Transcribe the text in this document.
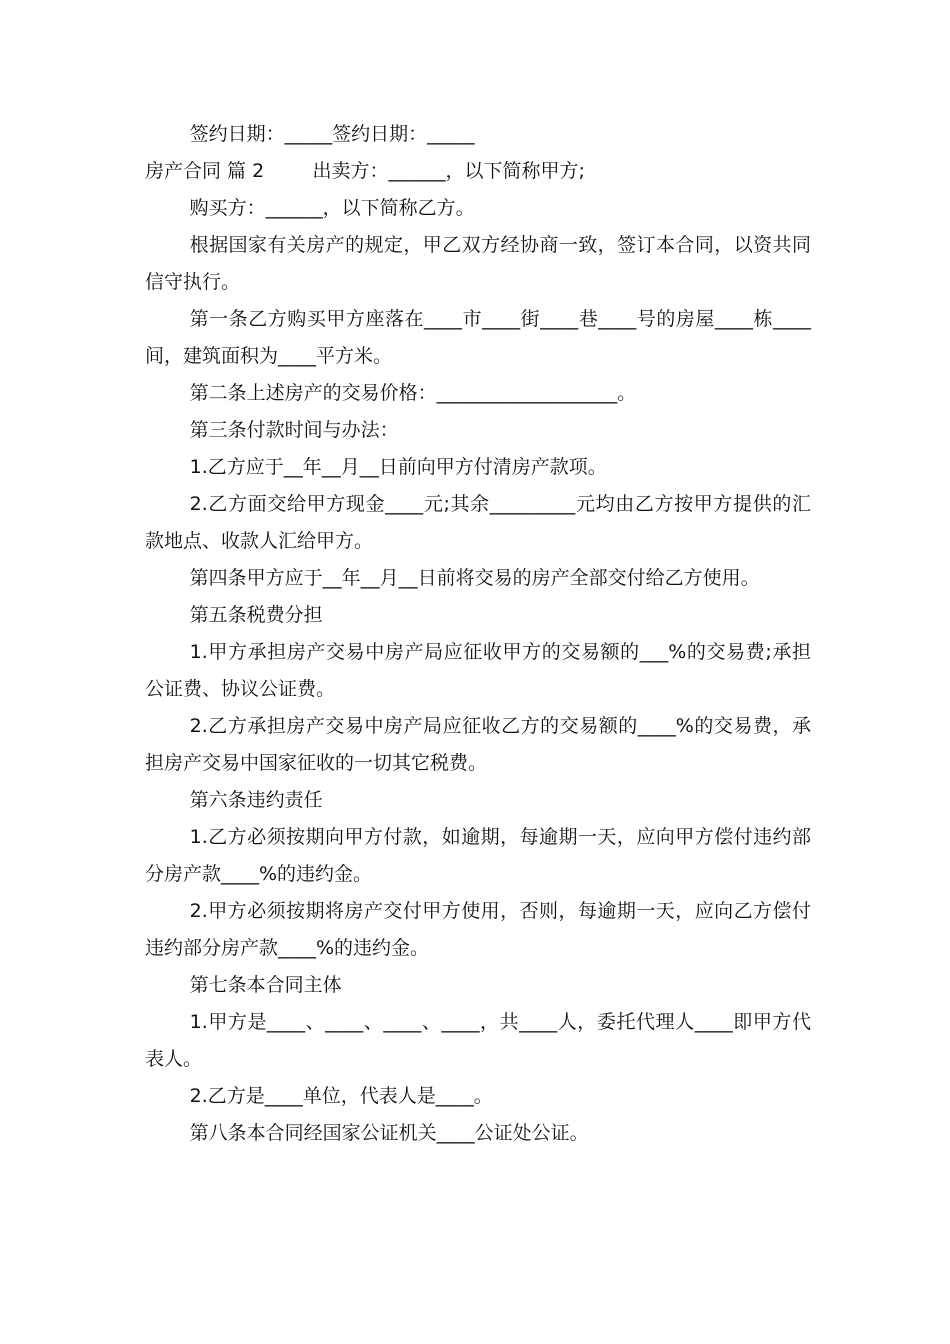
签约日期：_____签约日期：_____

房产合同 篇 2        出卖方：______，以下简称甲方;

购买方：______，以下简称乙方。

根据国家有关房产的规定，甲乙双方经协商一致，签订本合同，以资共同信守执行。

第一条乙方购买甲方座落在____市____街____巷____号的房屋____栋____间，建筑面积为____平方米。

第二条上述房产的交易价格：___________________。

第三条付款时间与办法：

1.乙方应于__年__月__日前向甲方付清房产款项。

2.乙方面交给甲方现金____元;其余_________元均由乙方按甲方提供的汇款地点、收款人汇给甲方。

第四条甲方应于__年__月__日前将交易的房产全部交付给乙方使用。

第五条税费分担

1.甲方承担房产交易中房产局应征收甲方的交易额的___%的交易费;承担公证费、协议公证费。

2.乙方承担房产交易中房产局应征收乙方的交易额的____%的交易费，承担房产交易中国家征收的一切其它税费。

第六条违约责任

1.乙方必须按期向甲方付款，如逾期，每逾期一天，应向甲方偿付违约部分房产款____%的违约金。

2.甲方必须按期将房产交付甲方使用，否则，每逾期一天，应向乙方偿付违约部分房产款____%的违约金。

第七条本合同主体

1.甲方是____、____、____、____，共____人，委托代理人____即甲方代表人。

2.乙方是____单位，代表人是____。

第八条本合同经国家公证机关____公证处公证。
